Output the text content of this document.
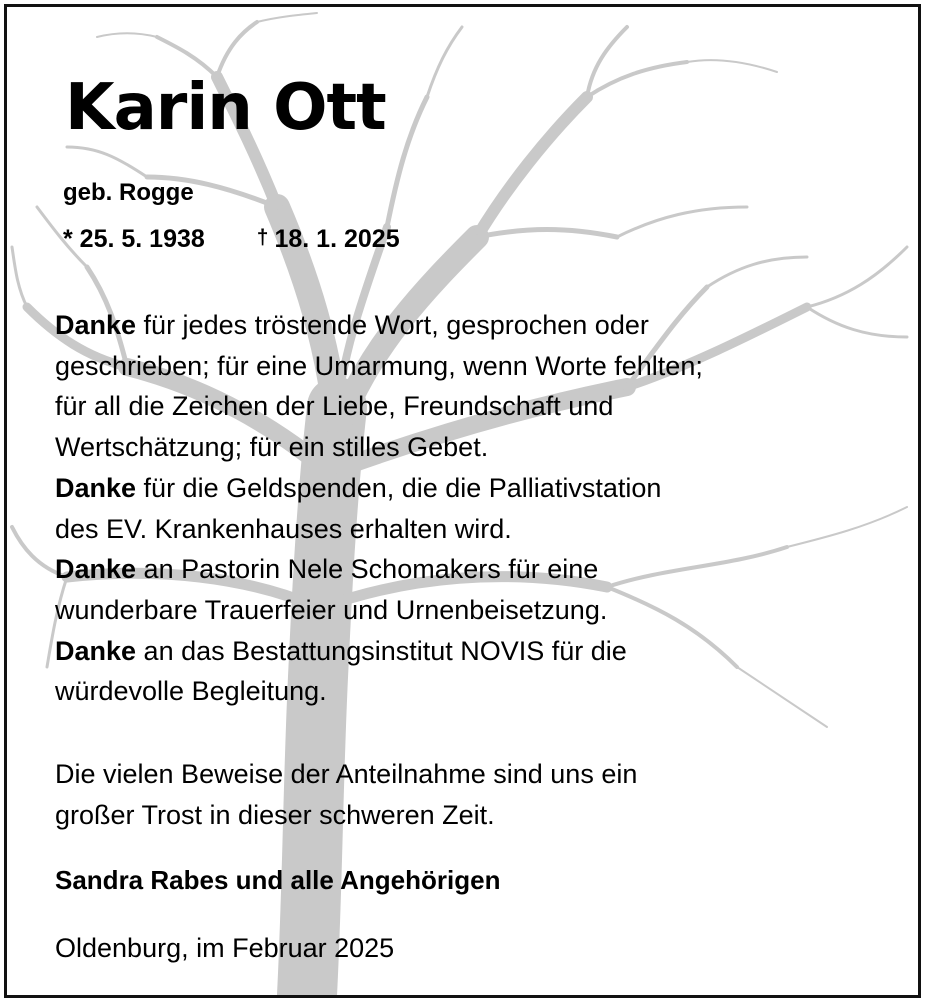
Karin Ott
geb. Rogge
* 25. 5. 1938 † 18. 1. 2025
Danke für jedes tröstende Wort, gesprochen oder
geschrieben; für eine Umarmung, wenn Worte fehlten;
für all die Zeichen der Liebe, Freundschaft und
Wertschätzung; für ein stilles Gebet.
Danke für die Geldspenden, die die Palliativstation
des EV. Krankenhauses erhalten wird.
Danke an Pastorin Nele Schomakers für eine
wunderbare Trauerfeier und Urnenbeisetzung.
Danke an das Bestattungsinstitut NOVIS für die
würdevolle Begleitung.
Die vielen Beweise der Anteilnahme sind uns ein
großer Trost in dieser schweren Zeit.
Sandra Rabes und alle Angehörigen
Oldenburg, im Februar 2025
